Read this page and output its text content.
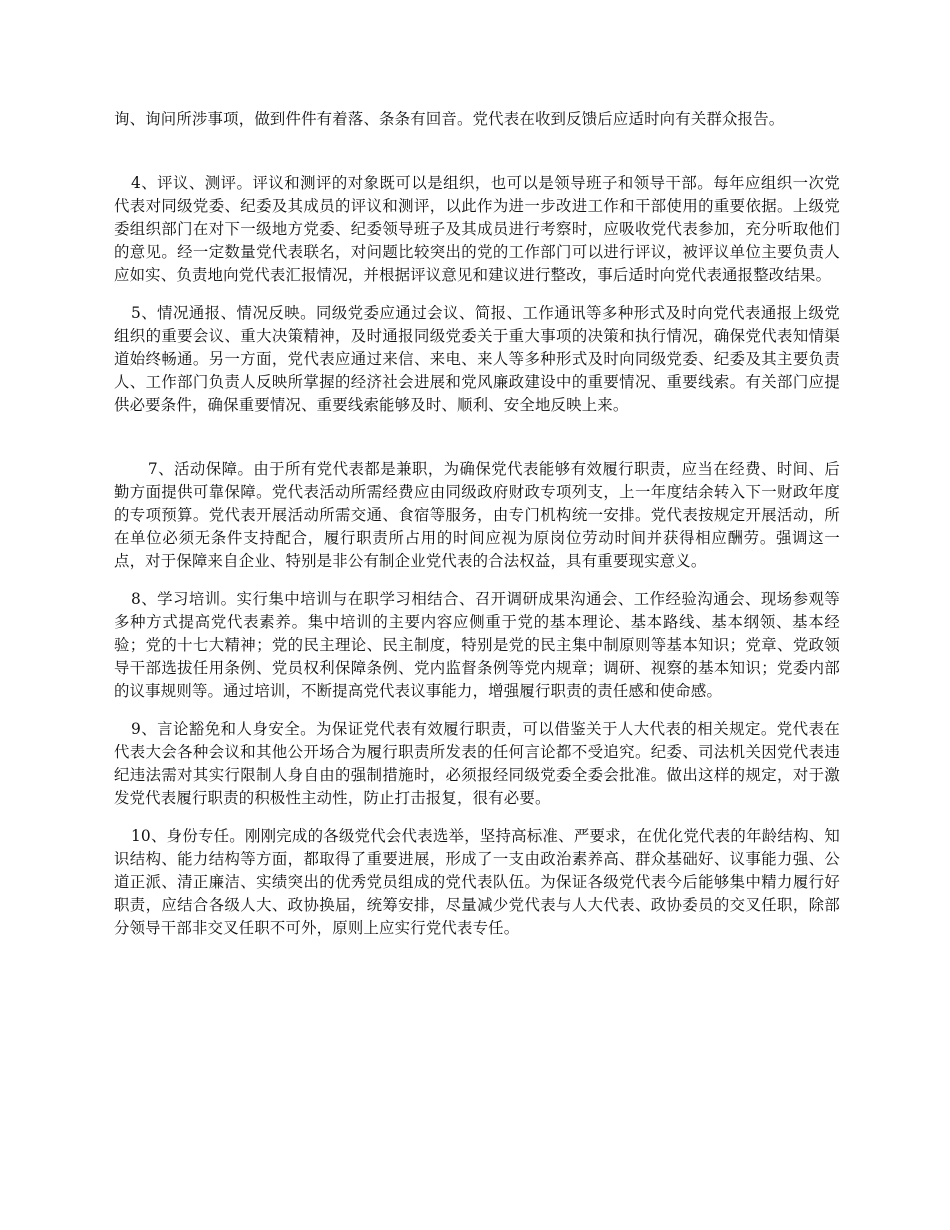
询、询问所涉事项，做到件件有着落、条条有回音。党代表在收到反馈后应适时向有关群众报告。

4、评议、测评。评议和测评的对象既可以是组织，也可以是领导班子和领导干部。每年应组织一次党代表对同级党委、纪委及其成员的评议和测评，以此作为进一步改进工作和干部使用的重要依据。上级党委组织部门在对下一级地方党委、纪委领导班子及其成员进行考察时，应吸收党代表参加，充分听取他们的意见。经一定数量党代表联名，对问题比较突出的党的工作部门可以进行评议，被评议单位主要负责人应如实、负责地向党代表汇报情况，并根据评议意见和建议进行整改，事后适时向党代表通报整改结果。

5、情况通报、情况反映。同级党委应通过会议、简报、工作通讯等多种形式及时向党代表通报上级党组织的重要会议、重大决策精神，及时通报同级党委关于重大事项的决策和执行情况，确保党代表知情渠道始终畅通。另一方面，党代表应通过来信、来电、来人等多种形式及时向同级党委、纪委及其主要负责人、工作部门负责人反映所掌握的经济社会进展和党风廉政建设中的重要情况、重要线索。有关部门应提供必要条件，确保重要情况、重要线索能够及时、顺利、安全地反映上来。

7、活动保障。由于所有党代表都是兼职，为确保党代表能够有效履行职责，应当在经费、时间、后勤方面提供可靠保障。党代表活动所需经费应由同级政府财政专项列支，上一年度结余转入下一财政年度的专项预算。党代表开展活动所需交通、食宿等服务，由专门机构统一安排。党代表按规定开展活动，所在单位必须无条件支持配合，履行职责所占用的时间应视为原岗位劳动时间并获得相应酬劳。强调这一点，对于保障来自企业、特别是非公有制企业党代表的合法权益，具有重要现实意义。

8、学习培训。实行集中培训与在职学习相结合、召开调研成果沟通会、工作经验沟通会、现场参观等多种方式提高党代表素养。集中培训的主要内容应侧重于党的基本理论、基本路线、基本纲领、基本经验；党的十七大精神；党的民主理论、民主制度，特别是党的民主集中制原则等基本知识；党章、党政领导干部选拔任用条例、党员权利保障条例、党内监督条例等党内规章；调研、视察的基本知识；党委内部的议事规则等。通过培训，不断提高党代表议事能力，增强履行职责的责任感和使命感。

9、言论豁免和人身安全。为保证党代表有效履行职责，可以借鉴关于人大代表的相关规定。党代表在代表大会各种会议和其他公开场合为履行职责所发表的任何言论都不受追究。纪委、司法机关因党代表违纪违法需对其实行限制人身自由的强制措施时，必须报经同级党委全委会批准。做出这样的规定，对于激发党代表履行职责的积极性主动性，防止打击报复，很有必要。

10、身份专任。刚刚完成的各级党代会代表选举，坚持高标准、严要求，在优化党代表的年龄结构、知识结构、能力结构等方面，都取得了重要进展，形成了一支由政治素养高、群众基础好、议事能力强、公道正派、清正廉洁、实绩突出的优秀党员组成的党代表队伍。为保证各级党代表今后能够集中精力履行好职责，应结合各级人大、政协换届，统筹安排，尽量减少党代表与人大代表、政协委员的交叉任职，除部分领导干部非交叉任职不可外，原则上应实行党代表专任。
